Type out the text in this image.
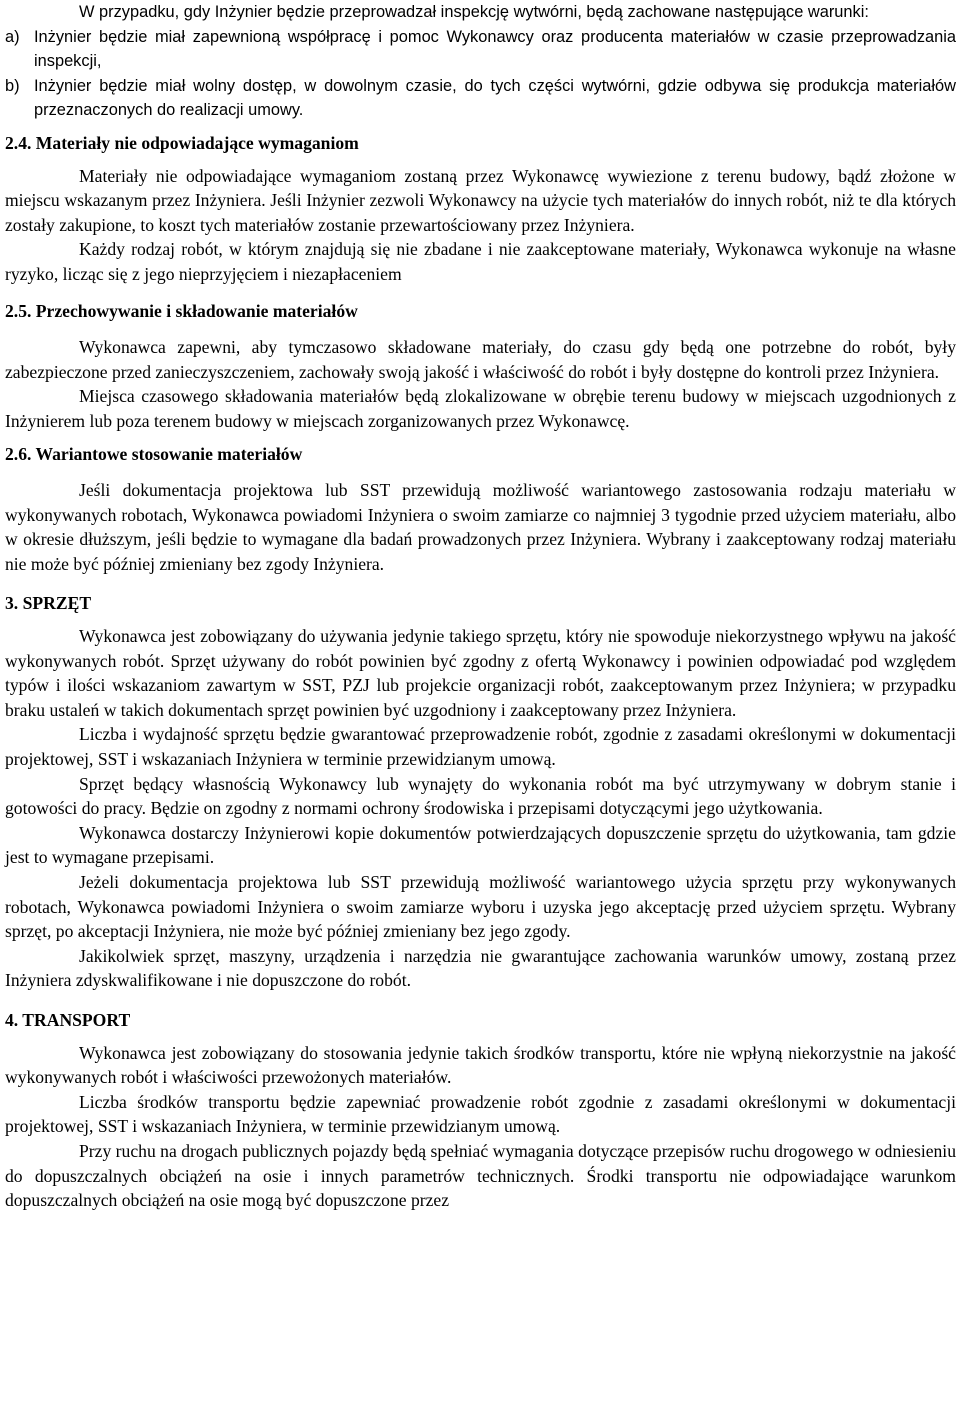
W przypadku, gdy Inżynier będzie przeprowadzał inspekcję wytwórni, będą zachowane następujące warunki:

a) Inżynier będzie miał zapewnioną współpracę i pomoc Wykonawcy oraz producenta materiałów w czasie przeprowadzania inspekcji,

b) Inżynier będzie miał wolny dostęp, w dowolnym czasie, do tych części wytwórni, gdzie odbywa się produkcja materiałów przeznaczonych do realizacji umowy.

2.4. Materiały nie odpowiadające wymaganiom

Materiały nie odpowiadające wymaganiom zostaną przez Wykonawcę wywiezione z terenu budowy, bądź złożone w miejscu wskazanym przez Inżyniera. Jeśli Inżynier zezwoli Wykonawcy na użycie tych materiałów do innych robót, niż te dla których zostały zakupione, to koszt tych materiałów zostanie przewartościowany przez Inżyniera.

Każdy rodzaj robót, w którym znajdują się nie zbadane i nie zaakceptowane materiały, Wykonawca wykonuje na własne ryzyko, licząc się z jego nieprzyjęciem i niezapłaceniem

2.5. Przechowywanie i składowanie materiałów

Wykonawca zapewni, aby tymczasowo składowane materiały, do czasu gdy będą one potrzebne do robót, były zabezpieczone przed zanieczyszczeniem, zachowały swoją jakość i właściwość do robót i były dostępne do kontroli przez Inżyniera.

Miejsca czasowego składowania materiałów będą zlokalizowane w obrębie terenu budowy w miejscach uzgodnionych z Inżynierem lub poza terenem budowy w miejscach zorganizowanych przez Wykonawcę.

2.6. Wariantowe stosowanie materiałów

Jeśli dokumentacja projektowa lub SST przewidują możliwość wariantowego zastosowania rodzaju materiału w wykonywanych robotach, Wykonawca powiadomi Inżyniera o swoim zamiarze co najmniej 3 tygodnie przed użyciem materiału, albo w okresie dłuższym, jeśli będzie to wymagane dla badań prowadzonych przez Inżyniera. Wybrany i zaakceptowany rodzaj materiału nie może być później zmieniany bez zgody Inżyniera.

3. SPRZĘT

Wykonawca jest zobowiązany do używania jedynie takiego sprzętu, który nie spowoduje niekorzystnego wpływu na jakość wykonywanych robót. Sprzęt używany do robót powinien być zgodny z ofertą Wykonawcy i powinien odpowiadać pod względem typów i ilości wskazaniom zawartym w SST, PZJ lub projekcie organizacji robót, zaakceptowanym przez Inżyniera; w przypadku braku ustaleń w takich dokumentach sprzęt powinien być uzgodniony i zaakceptowany przez Inżyniera.

Liczba i wydajność sprzętu będzie gwarantować przeprowadzenie robót, zgodnie z zasadami określonymi w dokumentacji projektowej, SST i wskazaniach Inżyniera w terminie przewidzianym umową.

Sprzęt będący własnością Wykonawcy lub wynajęty do wykonania robót ma być utrzymywany w dobrym stanie i gotowości do pracy. Będzie on zgodny z normami ochrony środowiska i przepisami dotyczącymi jego użytkowania.

Wykonawca dostarczy Inżynierowi kopie dokumentów potwierdzających dopuszczenie sprzętu do użytkowania, tam gdzie jest to wymagane przepisami.

Jeżeli dokumentacja projektowa lub SST przewidują możliwość wariantowego użycia sprzętu przy wykonywanych robotach, Wykonawca powiadomi Inżyniera o swoim zamiarze wyboru i uzyska jego akceptację przed użyciem sprzętu. Wybrany sprzęt, po akceptacji Inżyniera, nie może być później zmieniany bez jego zgody.

Jakikolwiek sprzęt, maszyny, urządzenia i narzędzia nie gwarantujące zachowania warunków umowy, zostaną przez Inżyniera zdyskwalifikowane i nie dopuszczone do robót.

4. TRANSPORT

Wykonawca jest zobowiązany do stosowania jedynie takich środków transportu, które nie wpłyną niekorzystnie na jakość wykonywanych robót i właściwości przewożonych materiałów.

Liczba środków transportu będzie zapewniać prowadzenie robót zgodnie z zasadami określonymi w dokumentacji projektowej, SST i wskazaniach Inżyniera, w terminie przewidzianym umową.

Przy ruchu na drogach publicznych pojazdy będą spełniać wymagania dotyczące przepisów ruchu drogowego w odniesieniu do dopuszczalnych obciążeń na osie i innych parametrów technicznych. Środki transportu nie odpowiadające warunkom dopuszczalnych obciążeń na osie mogą być dopuszczone przez
